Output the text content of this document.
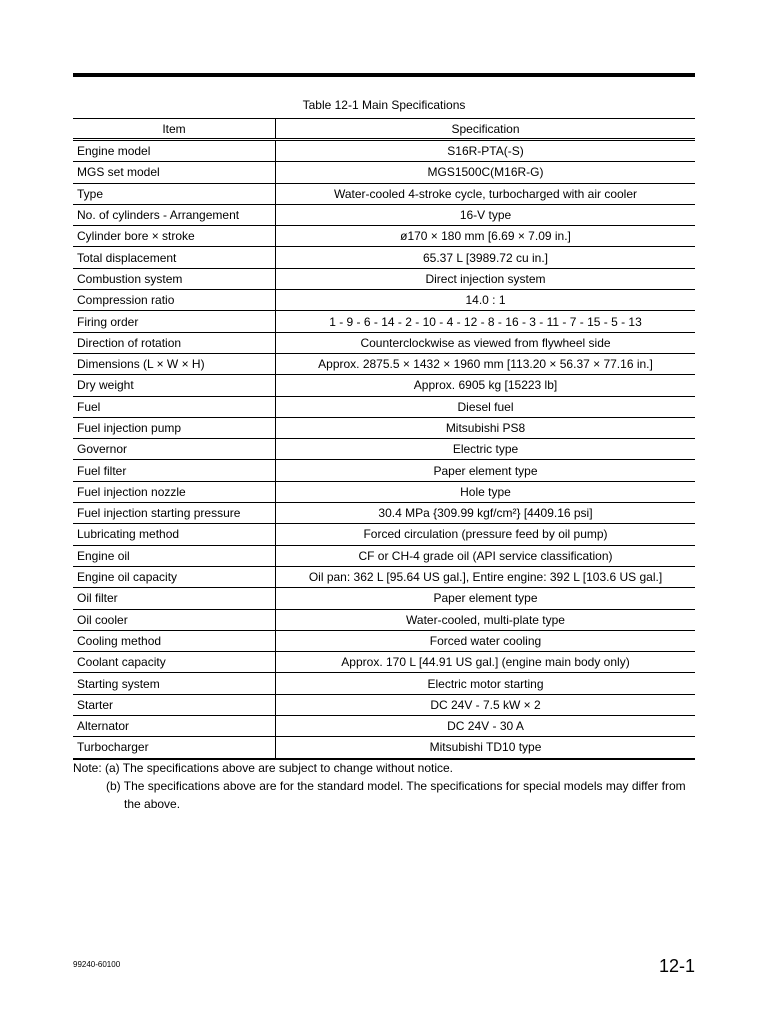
Table 12-1 Main Specifications
Item	Specification
Engine model	S16R-PTA(-S)
MGS set model	MGS1500C(M16R-G)
Type	Water-cooled 4-stroke cycle, turbocharged with air cooler
No. of cylinders - Arrangement	16-V type
Cylinder bore × stroke	ø170 × 180 mm [6.69 × 7.09 in.]
Total displacement	65.37 L [3989.72 cu in.]
Combustion system	Direct injection system
Compression ratio	14.0 : 1
Firing order	1 - 9 - 6 - 14 - 2 - 10 - 4 - 12 - 8 - 16 - 3 - 11 - 7 - 15 - 5 - 13
Direction of rotation	Counterclockwise as viewed from flywheel side
Dimensions (L × W × H)	Approx. 2875.5 × 1432 × 1960 mm [113.20 × 56.37 × 77.16 in.]
Dry weight	Approx. 6905 kg [15223 lb]
Fuel	Diesel fuel
Fuel injection pump	Mitsubishi PS8
Governor	Electric type
Fuel filter	Paper element type
Fuel injection nozzle	Hole type
Fuel injection starting pressure	30.4 MPa {309.99 kgf/cm²} [4409.16 psi]
Lubricating method	Forced circulation (pressure feed by oil pump)
Engine oil	CF or CH-4 grade oil (API service classification)
Engine oil capacity	Oil pan: 362 L [95.64 US gal.], Entire engine: 392 L [103.6 US gal.]
Oil filter	Paper element type
Oil cooler	Water-cooled, multi-plate type
Cooling method	Forced water cooling
Coolant capacity	Approx. 170 L [44.91 US gal.] (engine main body only)
Starting system	Electric motor starting
Starter	DC 24V - 7.5 kW × 2
Alternator	DC 24V - 30 A
Turbocharger	Mitsubishi TD10 type
Note: (a) The specifications above are subject to change without notice.
(b) The specifications above are for the standard model. The specifications for special models may differ from
the above.
99240-60100	12-1
